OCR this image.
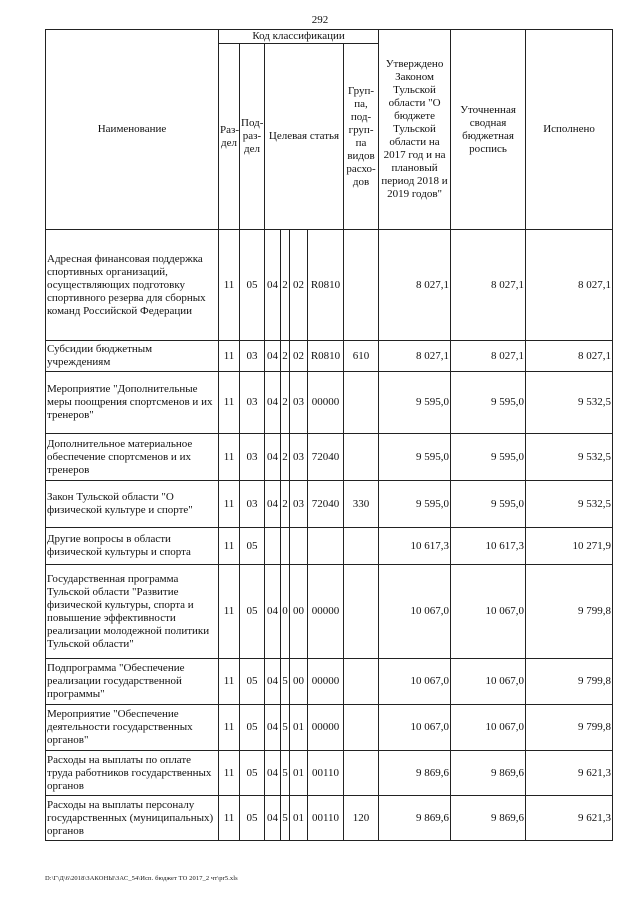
292
Наименование	Код классификации							Утверждено Законом Тульской области "О бюджете Тульской области на 2017 год и на плановый период 2018 и 2019 годов"	Уточненная сводная бюджетная роспись	Исполнено
	Раз-дел	Под-раз-дел	Целевая статья				Груп-па, под-груп-па видов расхо-дов			
Адресная финансовая поддержка спортивных организаций, осуществляющих подготовку спортивного резерва для сборных команд Российской Федерации	11	05	04	2	02	R0810		8 027,1	8 027,1	8 027,1
Субсидии бюджетным учреждениям	11	03	04	2	02	R0810	610	8 027,1	8 027,1	8 027,1
Мероприятие "Дополнительные меры поощрения спортсменов и их тренеров"	11	03	04	2	03	00000		9 595,0	9 595,0	9 532,5
Дополнительное материальное обеспечение спортсменов и их тренеров	11	03	04	2	03	72040		9 595,0	9 595,0	9 532,5
Закон Тульской области "О физической культуре и спорте"	11	03	04	2	03	72040	330	9 595,0	9 595,0	9 532,5
Другие вопросы в области физической культуры и спорта	11	05						10 617,3	10 617,3	10 271,9
Государственная программа Тульской области "Развитие физической культуры, спорта и повышение эффективности реализации молодежной политики Тульской области"	11	05	04	0	00	00000		10 067,0	10 067,0	9 799,8
Подпрограмма "Обеспечение реализации государственной программы"	11	05	04	5	00	00000		10 067,0	10 067,0	9 799,8
Мероприятие "Обеспечение деятельности государственных органов"	11	05	04	5	01	00000		10 067,0	10 067,0	9 799,8
Расходы на выплаты по оплате труда работников государственных органов	11	05	04	5	01	00110		9 869,6	9 869,6	9 621,3
Расходы на выплаты персоналу государственных (муниципальных) органов	11	05	04	5	01	00110	120	9 869,6	9 869,6	9 621,3
D:\Г\Д\6\2018\ЗАКОНЫ\ЗАС_54\Исп. бюджет ТО 2017_2 чт\pr5.xls
